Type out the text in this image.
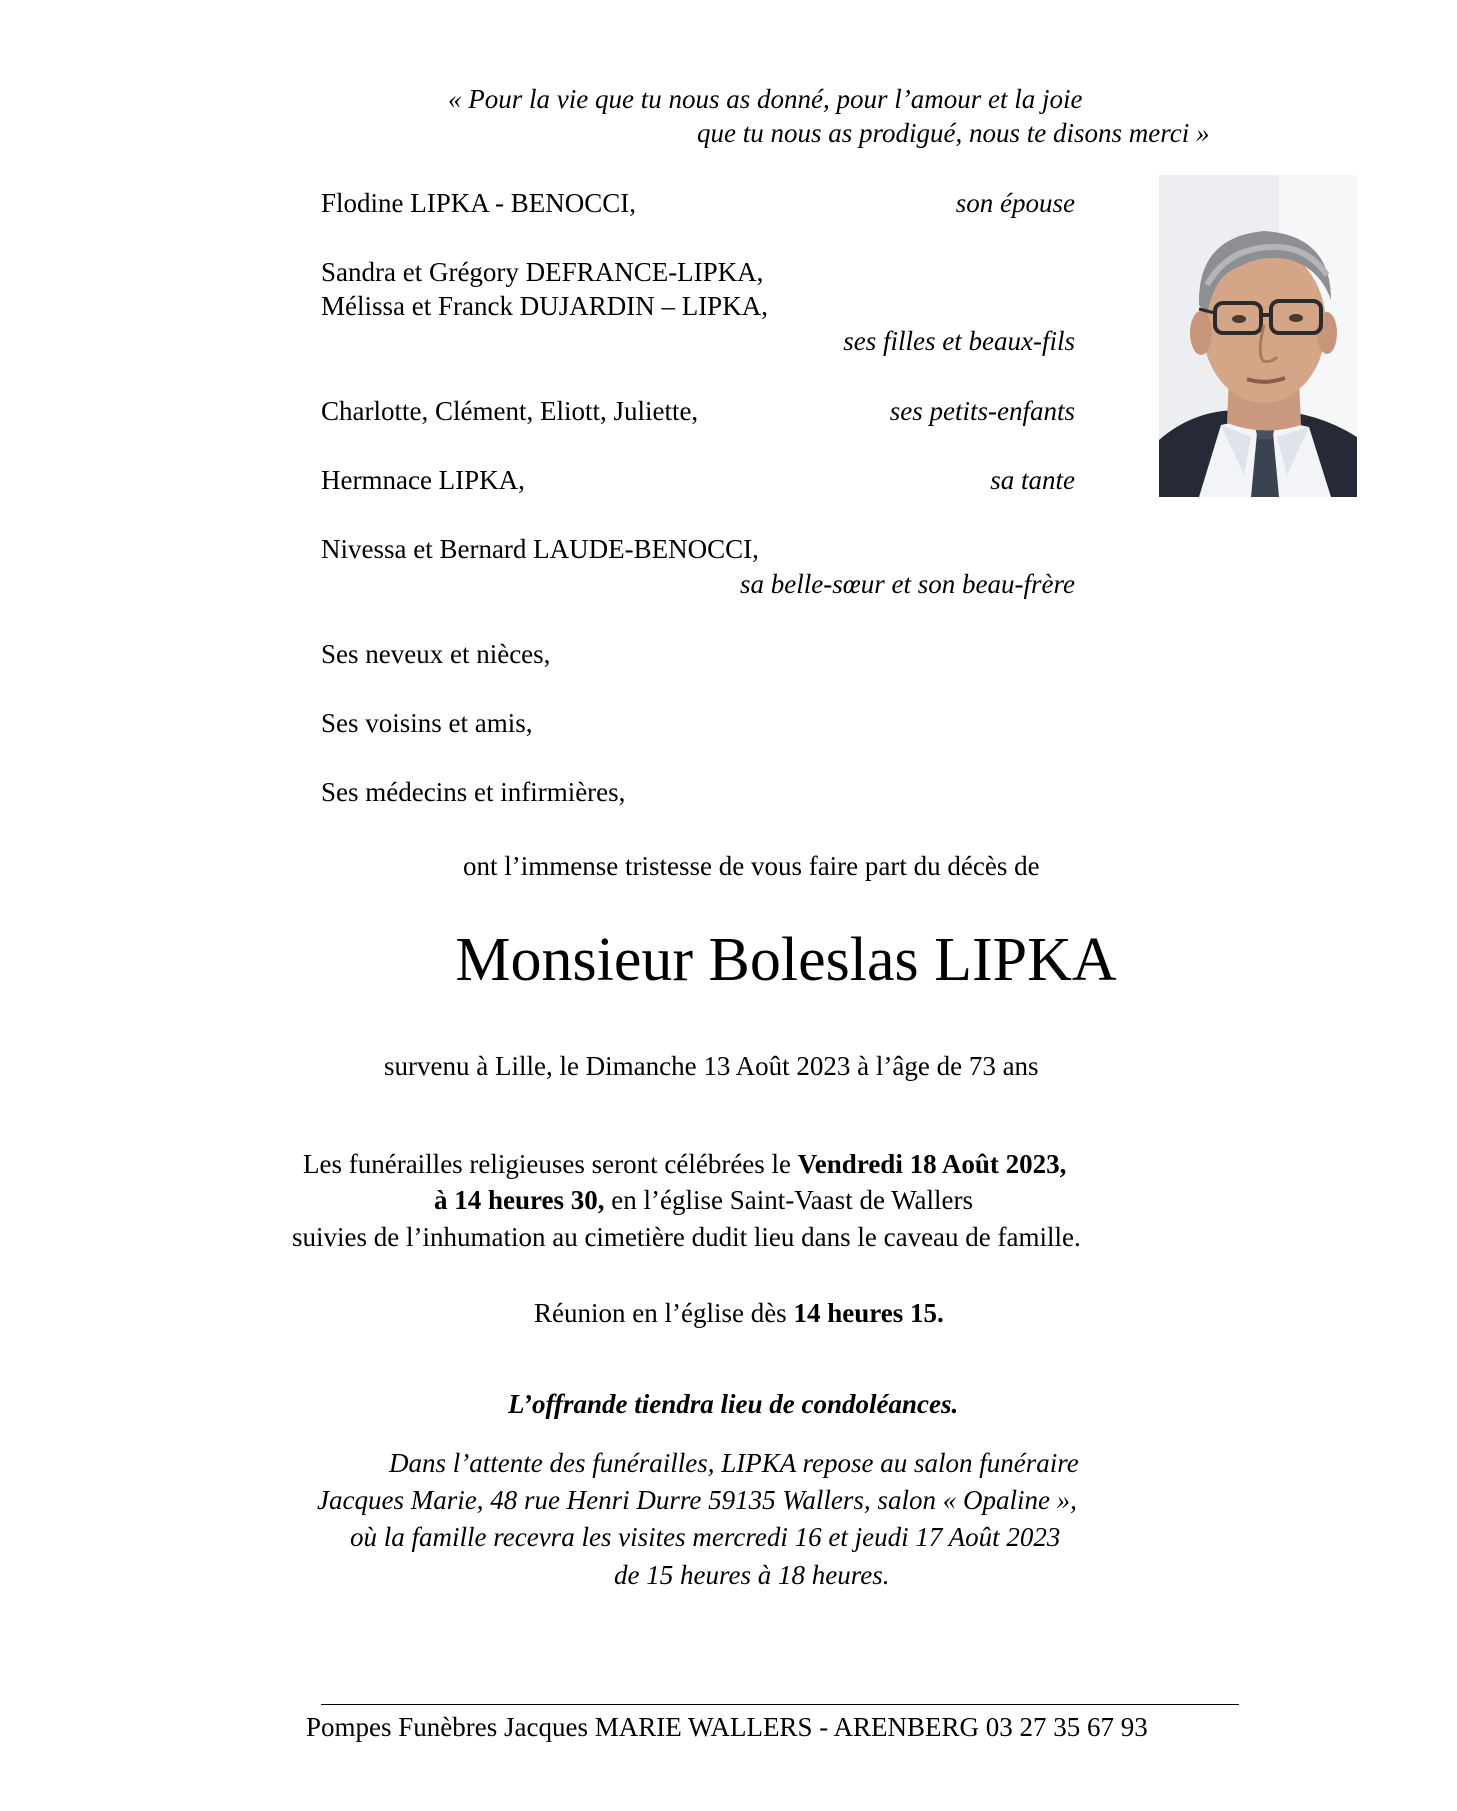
« Pour la vie que tu nous as donné, pour l’amour et la joie
que tu nous as prodigué, nous te disons merci »
Flodine LIPKA - BENOCCI,	son épouse
Sandra et Grégory DEFRANCE-LIPKA,
Mélissa et Franck DUJARDIN – LIPKA,
ses filles et beaux-fils
Charlotte, Clément, Eliott, Juliette,	ses petits-enfants
Hermnace LIPKA,	sa tante
Nivessa et Bernard LAUDE-BENOCCI,
sa belle-sœur et son beau-frère
Ses neveux et nièces,
Ses voisins et amis,
Ses médecins et infirmières,
ont l’immense tristesse de vous faire part du décès de
Monsieur Boleslas LIPKA
survenu à Lille, le Dimanche 13 Août 2023 à l’âge de 73 ans
Les funérailles religieuses seront célébrées le Vendredi 18 Août 2023,
à 14 heures 30, en l’église Saint-Vaast de Wallers
suivies de l’inhumation au cimetière dudit lieu dans le caveau de famille.
Réunion en l’église dès 14 heures 15.
L’offrande tiendra lieu de condoléances.
Dans l’attente des funérailles, LIPKA repose au salon funéraire
Jacques Marie, 48 rue Henri Durre 59135 Wallers, salon « Opaline »,
où la famille recevra les visites mercredi 16 et jeudi 17 Août 2023
de 15 heures à 18 heures.
Pompes Funèbres Jacques MARIE WALLERS - ARENBERG 03 27 35 67 93
